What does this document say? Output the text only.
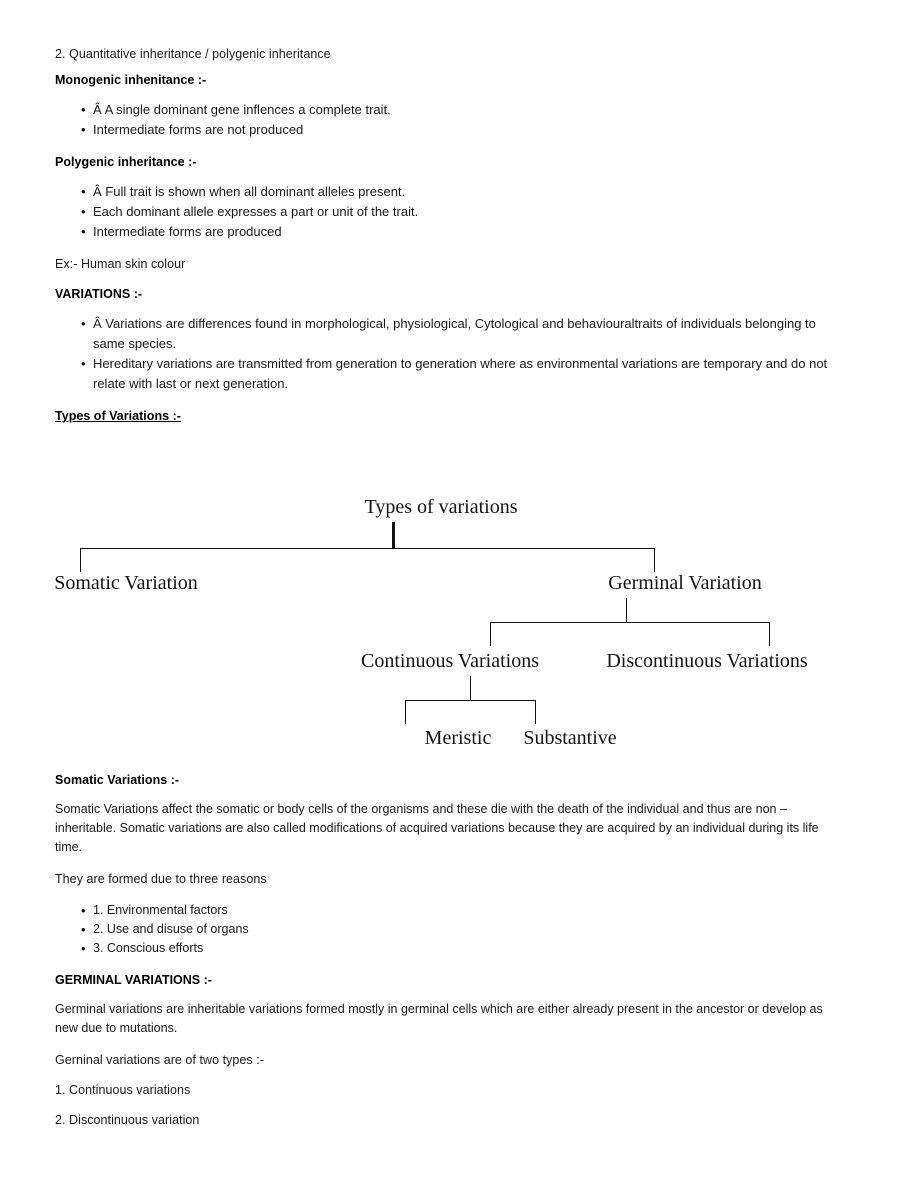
2. Quantitative inheritance / polygenic inheritance

Monogenic inhenitance :-

• Â A single dominant gene inflences a complete trait.
• Intermediate forms are not produced

Polygenic inheritance :-

• Â Full trait is shown when all dominant alleles present.
• Each dominant allele expresses a part or unit of the trait.
• Intermediate forms are produced

Ex:- Human skin colour

VARIATIONS :-

• Â Variations are differences found in morphological, physiological, Cytological and behaviouraltraits of individuals belonging to same species.
• Hereditary variations are transmitted from generation to generation where as environmental variations are temporary and do not relate with last or next generation.

Types of Variations :-

Types of variations
Somatic Variation	Germinal Variation
Continuous Variations	Discontinuous Variations
Meristic Substantive

Somatic Variations :-

Somatic Variations affect the somatic or body cells of the organisms and these die with the death of the individual and thus are non – inheritable. Somatic variations are also called modifications of acquired variations because they are acquired by an individual during its life time.

They are formed due to three reasons

• 1. Environmental factors
• 2. Use and disuse of organs
• 3. Conscious efforts

GERMINAL VARIATIONS :-

Germinal variations are inheritable variations formed mostly in germinal cells which are either already present in the ancestor or develop as new due to mutations.

Gerninal variations are of two types :-

1. Continuous variations

2. Discontinuous variation
